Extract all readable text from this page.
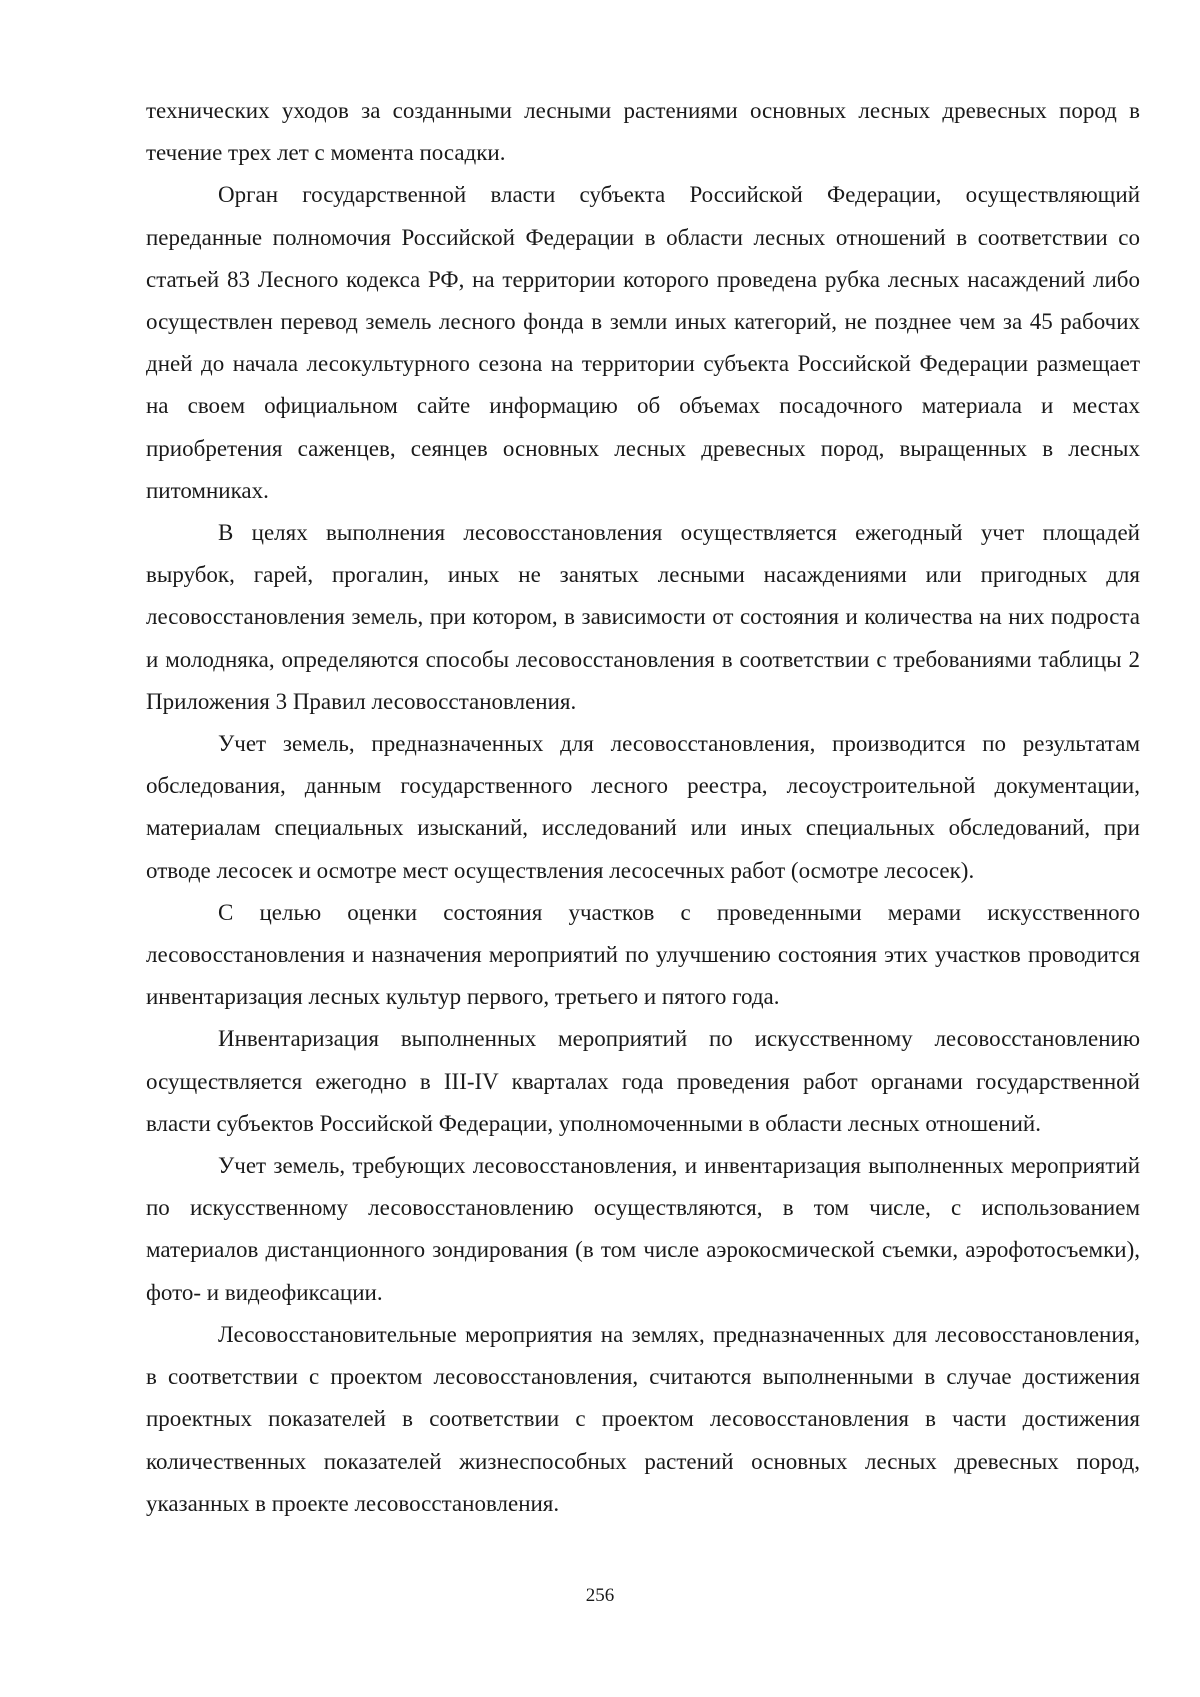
технических уходов за созданными лесными растениями основных лесных древесных пород в течение трех лет с момента посадки.

Орган государственной власти субъекта Российской Федерации, осуществляющий переданные полномочия Российской Федерации в области лесных отношений в соответствии со статьей 83 Лесного кодекса РФ, на территории которого проведена рубка лесных насаждений либо осуществлен перевод земель лесного фонда в земли иных категорий, не позднее чем за 45 рабочих дней до начала лесокультурного сезона на территории субъекта Российской Федерации размещает на своем официальном сайте информацию об объемах посадочного материала и местах приобретения саженцев, сеянцев основных лесных древесных пород, выращенных в лесных питомниках.

В целях выполнения лесовосстановления осуществляется ежегодный учет площадей вырубок, гарей, прогалин, иных не занятых лесными насаждениями или пригодных для лесовосстановления земель, при котором, в зависимости от состояния и количества на них подроста и молодняка, определяются способы лесовосстановления в соответствии с требованиями таблицы 2 Приложения 3 Правил лесовосстановления.

Учет земель, предназначенных для лесовосстановления, производится по результатам обследования, данным государственного лесного реестра, лесоустроительной документации, материалам специальных изысканий, исследований или иных специальных обследований, при отводе лесосек и осмотре мест осуществления лесосечных работ (осмотре лесосек).

С целью оценки состояния участков с проведенными мерами искусственного лесовосстановления и назначения мероприятий по улучшению состояния этих участков проводится инвентаризация лесных культур первого, третьего и пятого года.

Инвентаризация выполненных мероприятий по искусственному лесовосстановлению осуществляется ежегодно в III-IV кварталах года проведения работ органами государственной власти субъектов Российской Федерации, уполномоченными в области лесных отношений.

Учет земель, требующих лесовосстановления, и инвентаризация выполненных мероприятий по искусственному лесовосстановлению осуществляются, в том числе, с использованием материалов дистанционного зондирования (в том числе аэрокосмической съемки, аэрофотосъемки), фото- и видеофиксации.

Лесовосстановительные мероприятия на землях, предназначенных для лесовосстановления, в соответствии с проектом лесовосстановления, считаются выполненными в случае достижения проектных показателей в соответствии с проектом лесовосстановления в части достижения количественных показателей жизнеспособных растений основных лесных древесных пород, указанных в проекте лесовосстановления.

256
